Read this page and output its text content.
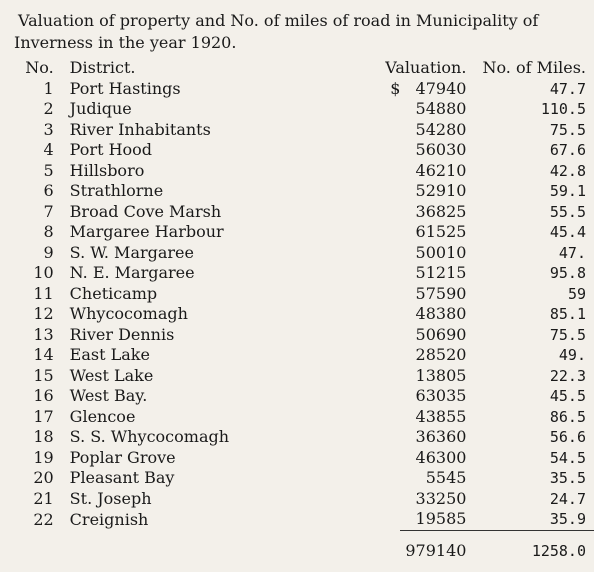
Valuation of property and No. of miles of road in Municipality of

Inverness in the year 1920.
No.	District.	Valuation.		No. of Miles.
1	Port Hastings	$	47940	47.7
2	Judique		54880	110.5
3	River Inhabitants		54280	75.5
4	Port Hood		56030	67.6
5	Hillsboro		46210	42.8
6	Strathlorne		52910	59.1
7	Broad Cove Marsh		36825	55.5
8	Margaree Harbour		61525	45.4
9	S. W. Margaree		50010	47.
10	N. E. Margaree		51215	95.8
11	Cheticamp		57590	59
12	Whycocomagh		48380	85.1
13	River Dennis		50690	75.5
14	East Lake		28520	49.
15	West Lake		13805	22.3
16	West Bay.		63035	45.5
17	Glencoe		43855	86.5
18	S. S. Whycocomagh		36360	56.6
19	Poplar Grove		46300	54.5
20	Pleasant Bay		5545	35.5
21	St. Joseph		33250	24.7
22	Creignish		19585	35.9
			979140	1258.0
